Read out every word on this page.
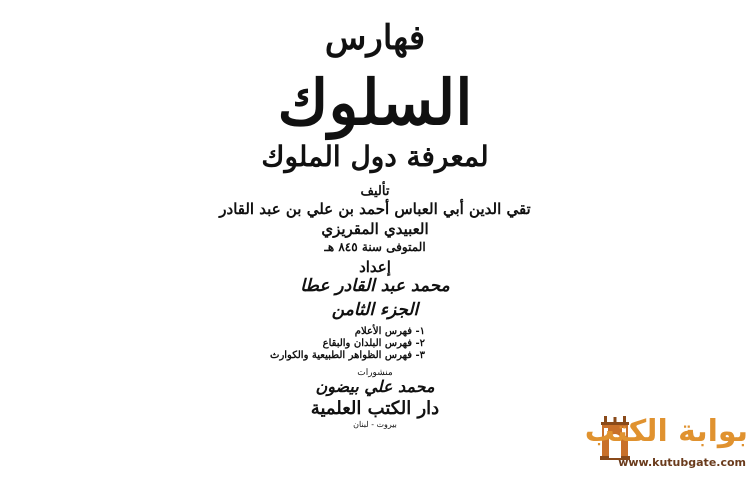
فهارس
السلوك
لمعرفة دول الملوك
تأليف
تقي الدين أبي العباس أحمد بن علي بن عبد القادر
العبيدي المقريزي
المتوفى سنة ٨٤٥ هـ
إعداد
محمد عبد القادر عطا
الجزء الثامن
١- فهرس الأعلام
٢- فهرس البلدان والبقاع
٣- فهرس الظواهر الطبيعية والكوارث
منشورات
محمد علي بيضون
دار الكتب العلمية
بيروت - لبنان	بوابة الكتب
www.kutubgate.com
